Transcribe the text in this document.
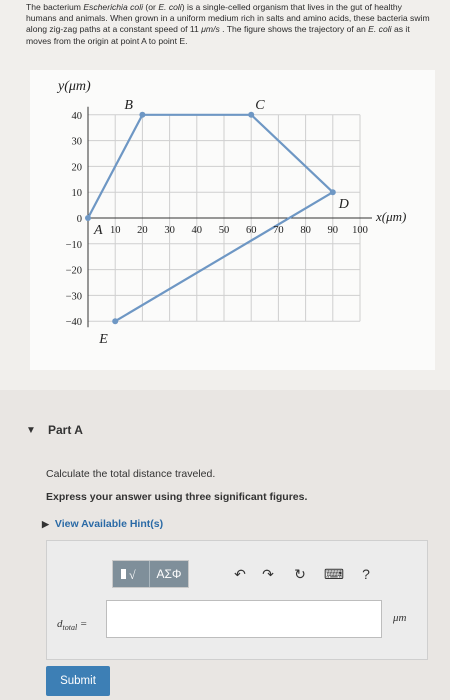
The bacterium Escherichia coli (or E. coli) is a single-celled organism that lives in the gut of healthy humans and animals. When grown in a uniform medium rich in salts and amino acids, these bacteria swim along zig-zag paths at a constant speed of 11 μm/s . The figure shows the trajectory of an E. coli as it moves from the origin at point A to point E.
y(μm)
x(μm)
10 20 30 40 50 60 70 80 90 100
40
30
20
10
0
−10
−20
−30
−40
A
B	C
D
E
▼ Part A
Calculate the total distance traveled.
Express your answer using three significant figures.
▶ View Available Hint(s)
√	ΑΣΦ	↶ ↷ ↻ ⌨	?
$d_{total}$ =	μm
Submit
